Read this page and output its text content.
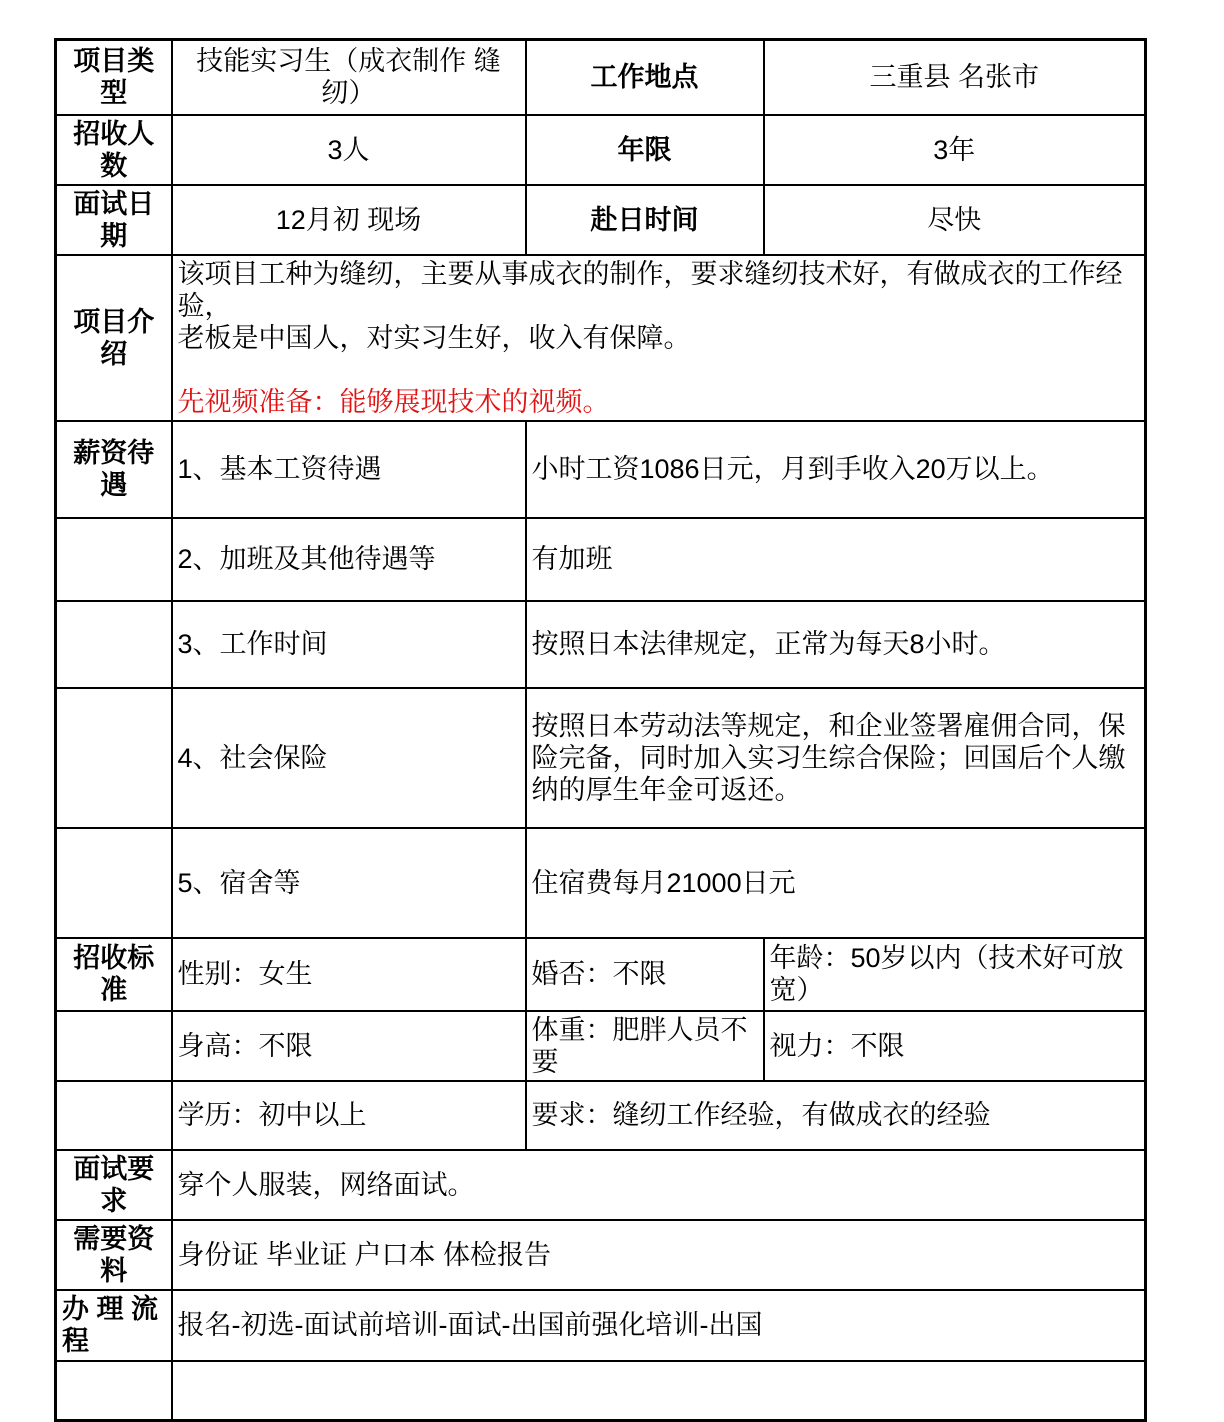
项目类型	技能实习生（成衣制作 缝纫）	工作地点	三重县 名张市
招收人数	3人	年限	3年
面试日期	12月初 现场	赴日时间	尽快
项目介绍	该项目工种为缝纫，主要从事成衣的制作，要求缝纫技术好，有做成衣的工作经验，
老板是中国人，对实习生好，收入有保障。
先视频准备：能够展现技术的视频。		

薪资待遇	1、基本工资待遇	小时工资1086日元，月到手收入20万以上。	
	2、加班及其他待遇等	有加班	
	3、工作时间	按照日本法律规定，正常为每天8小时。	
	4、社会保险	按照日本劳动法等规定，和企业签署雇佣合同，保险完备，同时加入实习生综合保险；回国后个人缴纳的厚生年金可返还。	
	5、宿舍等	住宿费每月21000日元	
招收标准	性别：女生	婚否：不限	年龄：50岁以内（技术好可放宽）
	身高：不限	体重：肥胖人员不要	视力：不限
	学历：初中以上	要求：缝纫工作经验，有做成衣的经验	
面试要求	穿个人服装，网络面试。		
需要资料	身份证 毕业证 户口本 体检报告		
办 理 流程	报名-初选-面试前培训-面试-出国前强化培训-出国		
